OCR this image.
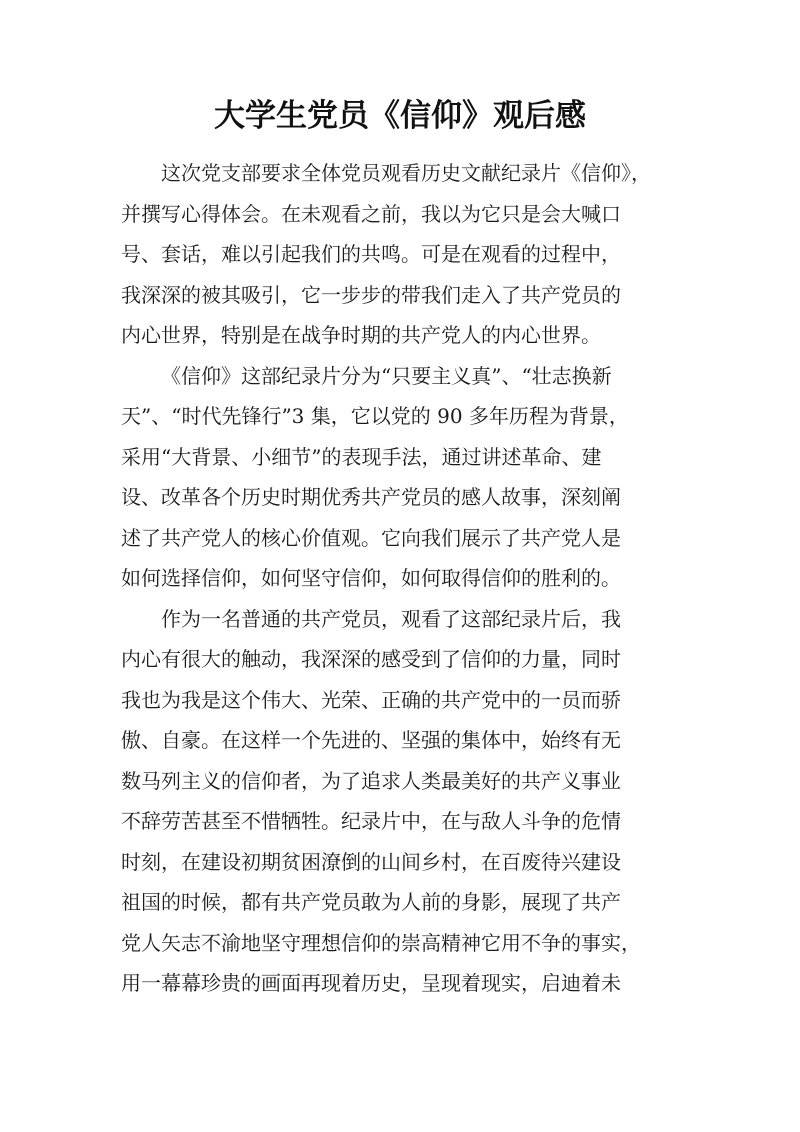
大学生党员《信仰》观后感
这次党支部要求全体党员观看历史文献纪录片《信仰》，
并撰写心得体会。在未观看之前，我以为它只是会大喊口
号、套话，难以引起我们的共鸣。可是在观看的过程中，
我深深的被其吸引，它一步步的带我们走入了共产党员的
内心世界，特别是在战争时期的共产党人的内心世界。
《信仰》这部纪录片分为“只要主义真”、“壮志换新
天”、“时代先锋行”3 集，它以党的 90 多年历程为背景，
采用“大背景、小细节”的表现手法，通过讲述革命、建
设、改革各个历史时期优秀共产党员的感人故事，深刻阐
述了共产党人的核心价值观。它向我们展示了共产党人是
如何选择信仰，如何坚守信仰，如何取得信仰的胜利的。
作为一名普通的共产党员，观看了这部纪录片后，我
内心有很大的触动，我深深的感受到了信仰的力量，同时
我也为我是这个伟大、光荣、正确的共产党中的一员而骄
傲、自豪。在这样一个先进的、坚强的集体中，始终有无
数马列主义的信仰者，为了追求人类最美好的共产义事业
不辞劳苦甚至不惜牺牲。纪录片中，在与敌人斗争的危情
时刻，在建设初期贫困潦倒的山间乡村，在百废待兴建设
祖国的时候，都有共产党员敢为人前的身影，展现了共产
党人矢志不渝地坚守理想信仰的崇高精神它用不争的事实，
用一幕幕珍贵的画面再现着历史，呈现着现实，启迪着未
